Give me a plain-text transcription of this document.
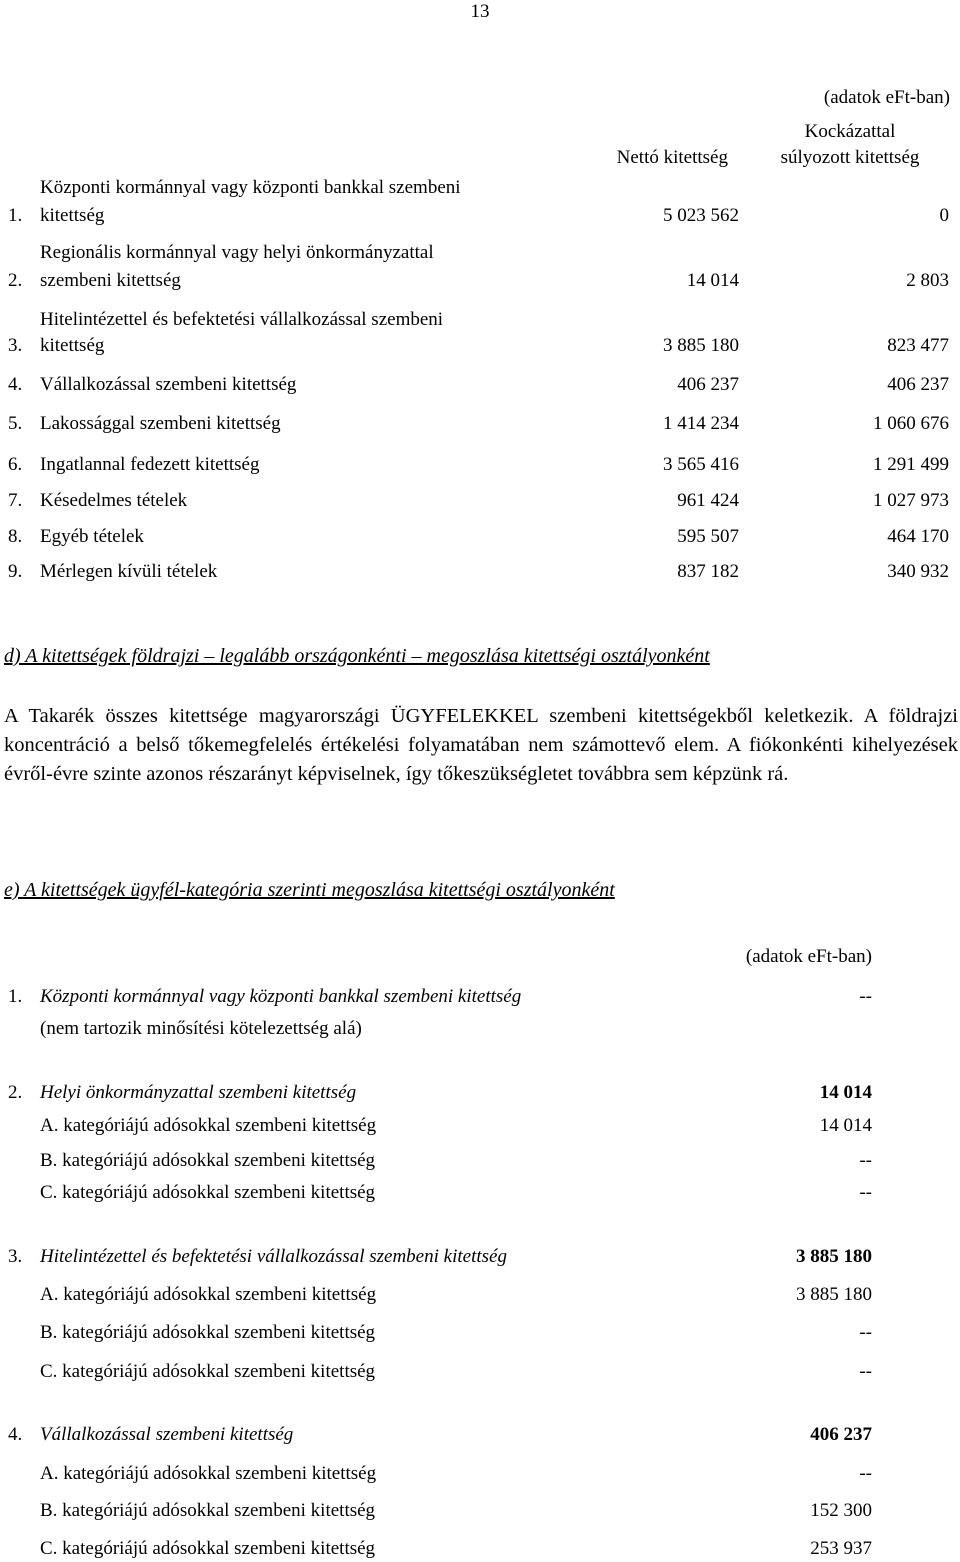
13
(adatok eFt-ban)
Kockázattal
súlyozott kitettség
Nettó kitettség
Központi kormánnyal vagy központi bankkal szembeni
1. kitettség	5 023 562	0
Regionális kormánnyal vagy helyi önkormányzattal
2. szembeni kitettség	14 014	2 803
Hitelintézettel és befektetési vállalkozással szembeni
3. kitettség	3 885 180	823 477
4. Vállalkozással szembeni kitettség	406 237	406 237
5. Lakossággal szembeni kitettség	1 414 234	1 060 676
6. Ingatlannal fedezett kitettség	3 565 416	1 291 499
7. Késedelmes tételek	961 424	1 027 973
8. Egyéb tételek	595 507	464 170
9. Mérlegen kívüli tételek	837 182	340 932
d) A kitettségek földrajzi – legalább országonkénti – megoszlása kitettségi osztályonként
A Takarék összes kitettsége magyarországi ÜGYFELEKKEL szembeni kitettségekből keletkezik. A földrajzi koncentráció a belső tőkemegfelelés értékelési folyamatában nem számottevő elem. A fiókonkénti kihelyezések évről-évre szinte azonos részarányt képviselnek, így tőkeszükségletet továbbra sem képzünk rá.
e) A kitettségek ügyfél-kategória szerinti megoszlása kitettségi osztályonként
(adatok eFt-ban)
1. Központi kormánnyal vagy központi bankkal szembeni kitettség	--
(nem tartozik minősítési kötelezettség alá)
2. Helyi önkormányzattal szembeni kitettség	14 014
A. kategóriájú adósokkal szembeni kitettség	14 014
B. kategóriájú adósokkal szembeni kitettség	--
C. kategóriájú adósokkal szembeni kitettség	--
3. Hitelintézettel és befektetési vállalkozással szembeni kitettség	3 885 180
A. kategóriájú adósokkal szembeni kitettség	3 885 180
B. kategóriájú adósokkal szembeni kitettség	--
C. kategóriájú adósokkal szembeni kitettség	--
4. Vállalkozással szembeni kitettség	406 237
A. kategóriájú adósokkal szembeni kitettség	--
B. kategóriájú adósokkal szembeni kitettség	152 300
C. kategóriájú adósokkal szembeni kitettség	253 937
